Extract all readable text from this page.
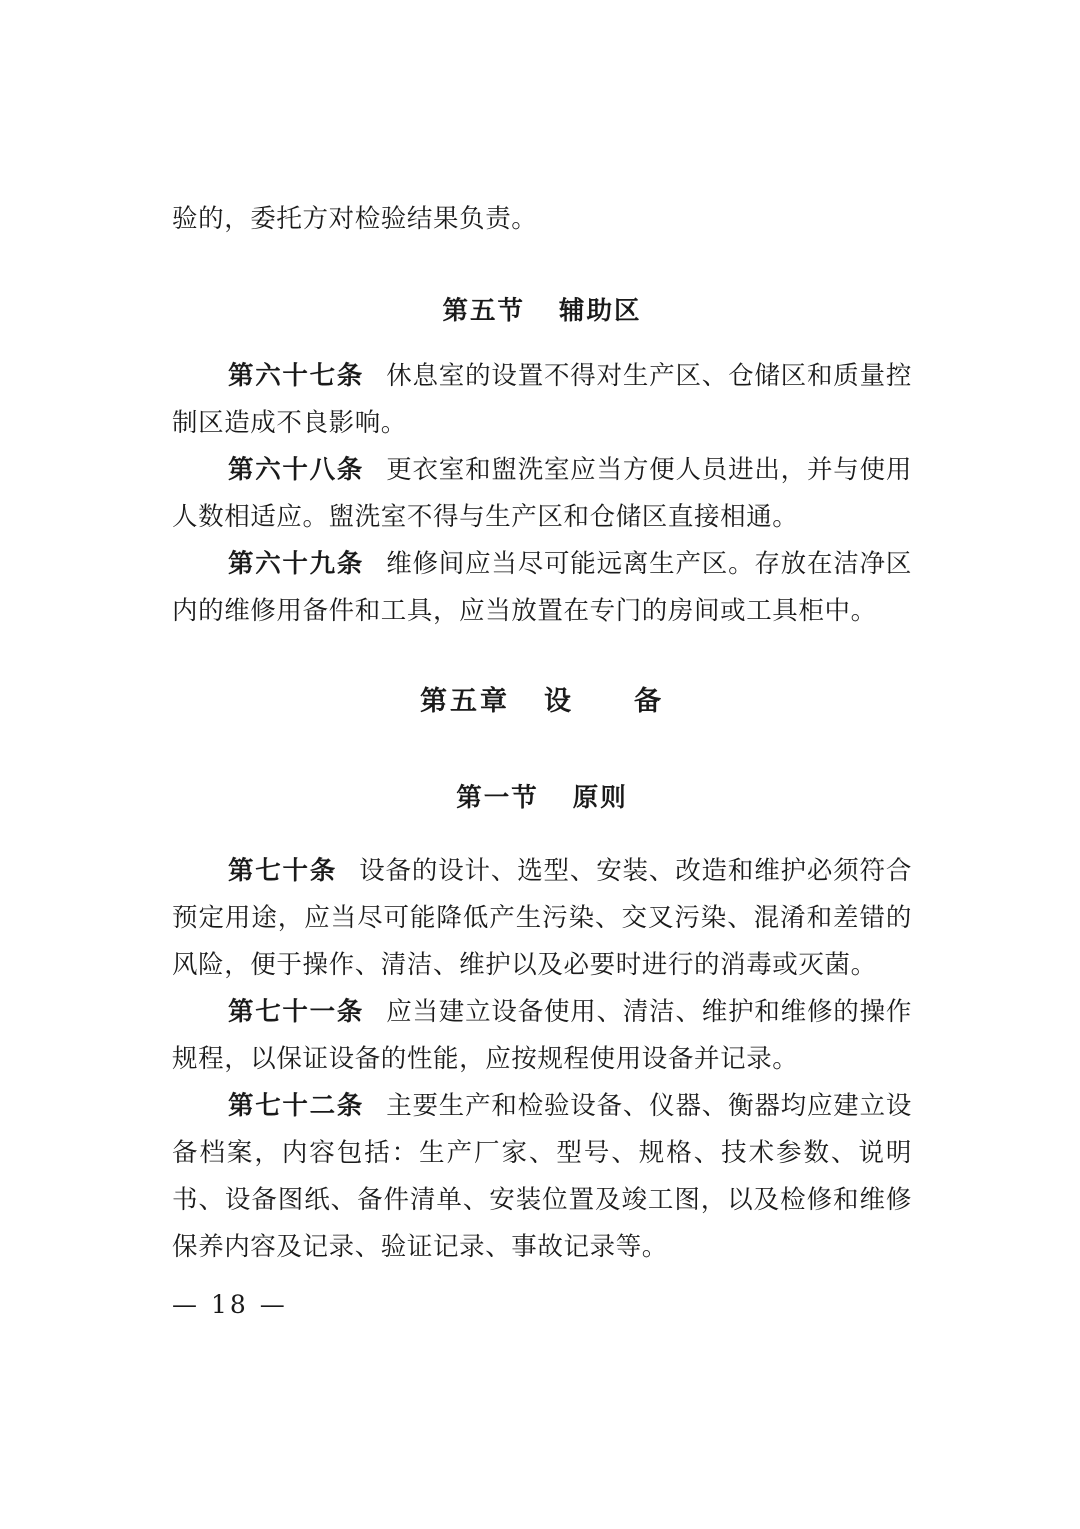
验的，委托方对检验结果负责。

第五节 辅助区

第六十七条 休息室的设置不得对生产区、仓储区和质量控制区造成不良影响。

第六十八条 更衣室和盥洗室应当方便人员进出，并与使用人数相适应。盥洗室不得与生产区和仓储区直接相通。

第六十九条 维修间应当尽可能远离生产区。存放在洁净区内的维修用备件和工具，应当放置在专门的房间或工具柜中。

第五章 设　　备
第一节 原则

第七十条 设备的设计、选型、安装、改造和维护必须符合预定用途，应当尽可能降低产生污染、交叉污染、混淆和差错的风险，便于操作、清洁、维护以及必要时进行的消毒或灭菌。

第七十一条 应当建立设备使用、清洁、维护和维修的操作规程，以保证设备的性能，应按规程使用设备并记录。

第七十二条 主要生产和检验设备、仪器、衡器均应建立设备档案，内容包括：生产厂家、型号、规格、技术参数、说明书、设备图纸、备件清单、安装位置及竣工图，以及检修和维修保养内容及记录、验证记录、事故记录等。

— 18 —
